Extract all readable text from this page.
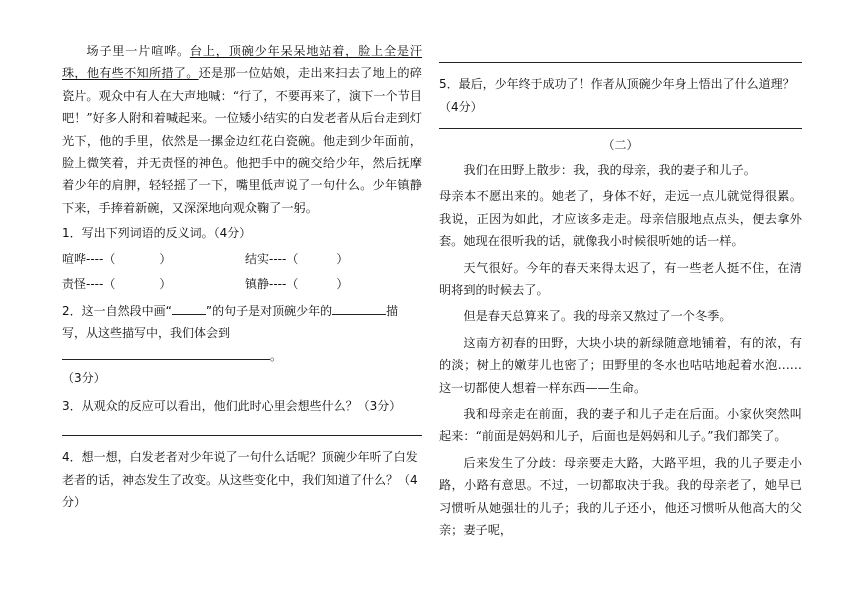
场子里一片喧哗。台上，顶碗少年呆呆地站着，脸上全是汗珠，他有些不知所措了。还是那一位姑娘，走出来扫去了地上的碎瓷片。观众中有人在大声地喊：“行了，不要再来了，演下一个节目吧！”好多人附和着喊起来。一位矮小结实的白发老者从后台走到灯光下，他的手里，依然是一摞金边红花白瓷碗。他走到少年面前，脸上微笑着，并无责怪的神色。他把手中的碗交给少年，然后抚摩着少年的肩胛，轻轻摇了一下，嘴里低声说了一句什么。少年镇静下来，手捧着新碗，又深深地向观众鞠了一躬。

1．写出下列词语的反义词。（4分）

喧哗----（	）	结实----（	）
责怪----（	）	镇静----（	）

2．这一自然段中画“	”的句子是对顶碗少年的	描写，从这些描写中，我们体会到。
（3分）

3．从观众的反应可以看出，他们此时心里会想些什么？（3分）

4．想一想，白发老者对少年说了一句什么话呢？顶碗少年听了白发老者的话，神态发生了改变。从这些变化中，我们知道了什么？（4分）

5．最后，少年终于成功了！作者从顶碗少年身上悟出了什么道理？（4分）

（二）

我们在田野上散步：我，我的母亲，我的妻子和儿子。

母亲本不愿出来的。她老了，身体不好，走远一点儿就觉得很累。我说，正因为如此，才应该多走走。母亲信服地点点头，便去拿外套。她现在很听我的话，就像我小时候很听她的话一样。

天气很好。今年的春天来得太迟了，有一些老人挺不住，在清明将到的时候去了。

但是春天总算来了。我的母亲又熬过了一个冬季。

这南方初春的田野，大块小块的新绿随意地铺着，有的浓，有的淡；树上的嫩芽儿也密了；田野里的冬水也咕咕地起着水泡……这一切都使人想着一样东西——生命。

我和母亲走在前面，我的妻子和儿子走在后面。小家伙突然叫起来：“前面是妈妈和儿子，后面也是妈妈和儿子。”我们都笑了。

后来发生了分歧：母亲要走大路，大路平坦，我的儿子要走小路，小路有意思。不过，一切都取决于我。我的母亲老了，她早已习惯听从她强壮的儿子；我的儿子还小，他还习惯听从他高大的父亲；妻子呢，
